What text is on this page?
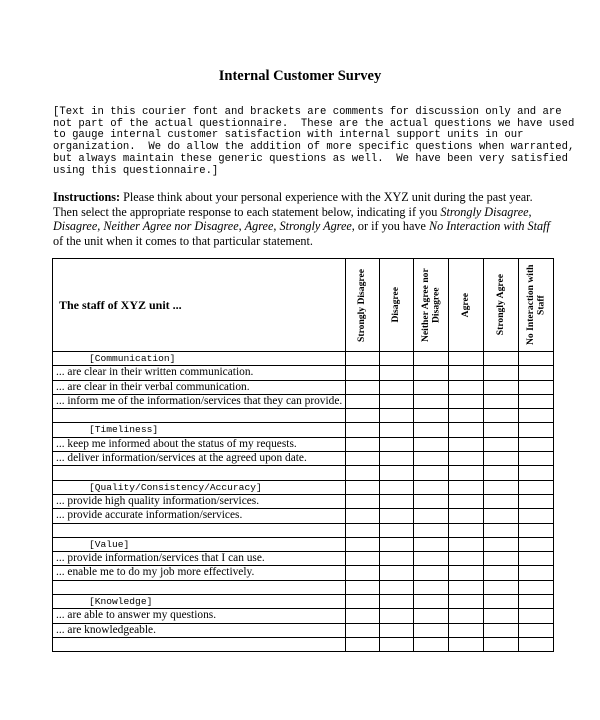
Internal Customer Survey
[Text in this courier font and brackets are comments for discussion only and are
not part of the actual questionnaire.  These are the actual questions we have used
to gauge internal customer satisfaction with internal support units in our
organization.  We do allow the addition of more specific questions when warranted,
but always maintain these generic questions as well.  We have been very satisfied
using this questionnaire.]
Instructions: Please think about your personal experience with the XYZ unit during the past year.
Then select the appropriate response to each statement below, indicating if you Strongly Disagree,
Disagree, Neither Agree nor Disagree, Agree, Strongly Agree, or if you have No Interaction with Staff
of the unit when it comes to that particular statement.
The staff of XYZ unit ...	Strongly Disagree	Disagree	Neither Agree nor Disagree	Agree	Strongly Agree	No Interaction with Staff

[Communication]						
... are clear in their written communication.						
... are clear in their verbal communication.						
... inform me of the information/services that they can provide.						

[Timeliness]						
... keep me informed about the status of my requests.						
... deliver information/services at the agreed upon date.						

[Quality/Consistency/Accuracy]						
... provide high quality information/services.						
... provide accurate information/services.						

[Value]						
... provide information/services that I can use.						
... enable me to do my job more effectively.						

[Knowledge]						
... are able to answer my questions.						
... are knowledgeable.						
